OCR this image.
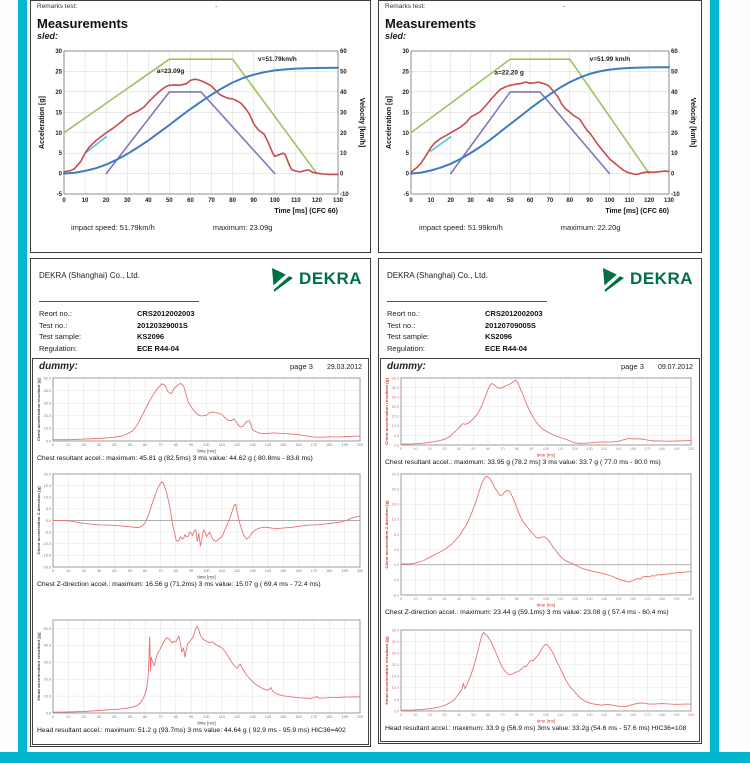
Remarks test:	-
Measurements
sled:
0	10 20 30 40 50 60 70 80 90 100 110 120 130
-5
0
5
10
15
20
25
30
-10
0
10
20
30
40
50
60
Acceleration [g]	Velocity [km/h]
Time [ms] (CFC 60)
a=23.09g
v=51.79km/h
impact speed: 51.79km/h	maximum: 23.09g
Remarks test:	-
Measurements
sled:
0 10 20 30 40 50 60 70 80 90 100 110 120 130
-5
0
5
10
15
20
25
30
-10
0
10
20
30
40
50
60
Acceleration [g]	Velocity [km/h]
Time [ms] (CFC 60)
a=22.20 g
v=51.99 km/h
impact speed: 51.99km/h	maximum: 22.20g
DEKRA (Shanghai) Co., Ltd.	DEKRA
Reort no.:	CRS2012002003
Test no.:	20120329001S
Test sample:	KS2096
Regulation:	ECE R44-04
dummy:	page 3 29.03.2012
0	10	20	30	40	50	60	70	80	90	100 110 120 130 140 150 160 170 180 190 200
0.0
10.0
20.0
30.0
40.0
50.0
Chest acceleration resultant [g]
time [ms]
Chest resultant accel.: maximum: 45.81 g (82.5ms) 3 ms value: 44.62 g ( 80.8ms - 83.8 ms)
0	10	20	30	40	50	60	70	80	90	100 110 120 130 140 150 160 170 180 190 200
-20.0
-15.0
-10.0
-5.0
0.0
5.0
10.0
15.0
20.0
Chest acceleration Z-direction [g]
time [ms]
Chest Z-direction accel.: maximum: 16.56 g (71.2ms) 3 ms value: 15.07 g ( 69.4 ms - 72.4 ms)
0	10	20	30	40	50	60	70	80	90	100 110 120 130 140 150 160 170 180 190 200
0.0
10.0
20.0
30.0
40.0
50.0
Head acceleration resultant [g]
time [ms]
Head resultant accel.: maximum: 51.2 g (93.7ms) 3 ms value: 44.64 g ( 92.9 ms - 95.9 ms) HIC36=402
DEKRA (Shanghai) Co., Ltd.	DEKRA
Reort no.:	CRS2012002003
Test no.:	20120709005S
Test sample:	KS2096
Regulation:	ECE R44-04
dummy:	page 3 09.07.2012
0	10	20	30	40	50	60	70	80	90 100 110 120 130 140 150 160 170 180 190 200
0.0
5.0
10.0
15.0
20.0
25.0
30.0
35.0
Chest acceleration resultant [g]
time [ms]
Chest resultant accel.: maximum: 33.95 g (78.2 ms) 3 ms value: 33.7 g ( 77.0 ms - 80.0 ms)
0	10	20	30	40	50	60	70	80	90 100 110 120 130 140 150 160 170 180 190 200
-8.0
-4.0
0.0
4.0
8.0
12.0
16.0
20.0
24.0
Chest acceleration Z-direction [g]
time [ms]
Chest Z-direction accel.: maximum: 23.44 g (59.1ms) 3 ms value: 23.08 g ( 57.4 ms - 60.4 ms)
0	10	20	30	40	50	60	70	80	90 100 110 120 130 140 150 160 170 180 190 200
0.0
5.0
10.0
15.0
20.0
25.0
30.0
35.0
Head acceleration resultant [g]
time [ms]
Head resultant accel.: maximum: 33.9 g (56.9 ms) 3ms value: 33.2g (54.6 ms - 57.6 ms) HIC36=108
